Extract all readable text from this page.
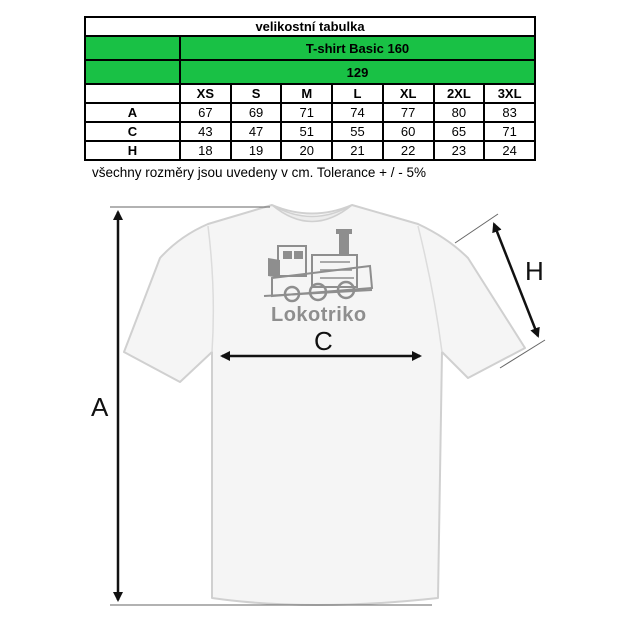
velikostní tabulka							
	T-shirt Basic 160						
	129						
	XS	S	M	L	XL	2XL	3XL
A	67	69	71	74	77	80	83
C	43	47	51	55	60	65	71
H	18	19	20	21	22	23	24
všechny rozměry jsou uvedeny v cm. Tolerance + / - 5%
Lokotriko
A
C
H
